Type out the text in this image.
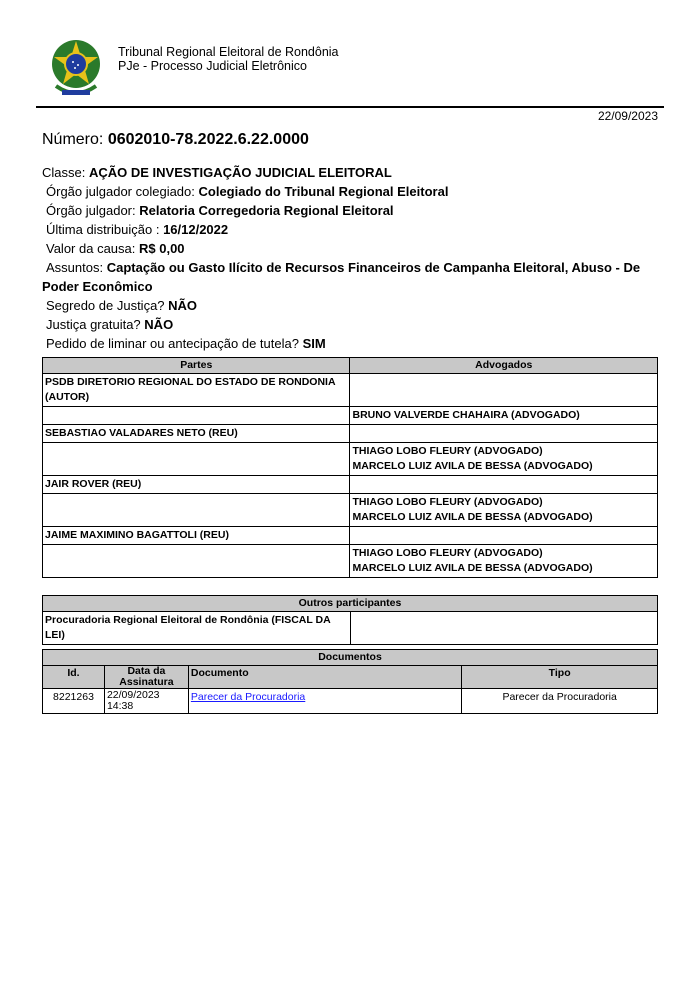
Tribunal Regional Eleitoral de Rondônia
PJe - Processo Judicial Eletrônico
22/09/2023
Número: 0602010-78.2022.6.22.0000
Classe: AÇÃO DE INVESTIGAÇÃO JUDICIAL ELEITORAL
Órgão julgador colegiado: Colegiado do Tribunal Regional Eleitoral
Órgão julgador: Relatoria Corregedoria Regional Eleitoral
Última distribuição : 16/12/2022
Valor da causa: R$ 0,00
Assuntos: Captação ou Gasto Ilícito de Recursos Financeiros de Campanha Eleitoral, Abuso - De Poder Econômico
Segredo de Justiça? NÃO
Justiça gratuita? NÃO
Pedido de liminar ou antecipação de tutela? SIM
Partes	Advogados
PSDB DIRETORIO REGIONAL DO ESTADO DE RONDONIA (AUTOR)	
	BRUNO VALVERDE CHAHAIRA (ADVOGADO)
SEBASTIAO VALADARES NETO (REU)	

	THIAGO LOBO FLEURY (ADVOGADO)
MARCELO LUIZ AVILA DE BESSA (ADVOGADO)

JAIR ROVER (REU)	

	THIAGO LOBO FLEURY (ADVOGADO)
MARCELO LUIZ AVILA DE BESSA (ADVOGADO)

JAIME MAXIMINO BAGATTOLI (REU)	

	THIAGO LOBO FLEURY (ADVOGADO)
MARCELO LUIZ AVILA DE BESSA (ADVOGADO)
Outros participantes
Procuradoria Regional Eleitoral de Rondônia (FISCAL DA LEI)	
Documentos			
Id.	Data da Assinatura	Documento	Tipo
8221263	22/09/2023 14:38	Parecer da Procuradoria	Parecer da Procuradoria
